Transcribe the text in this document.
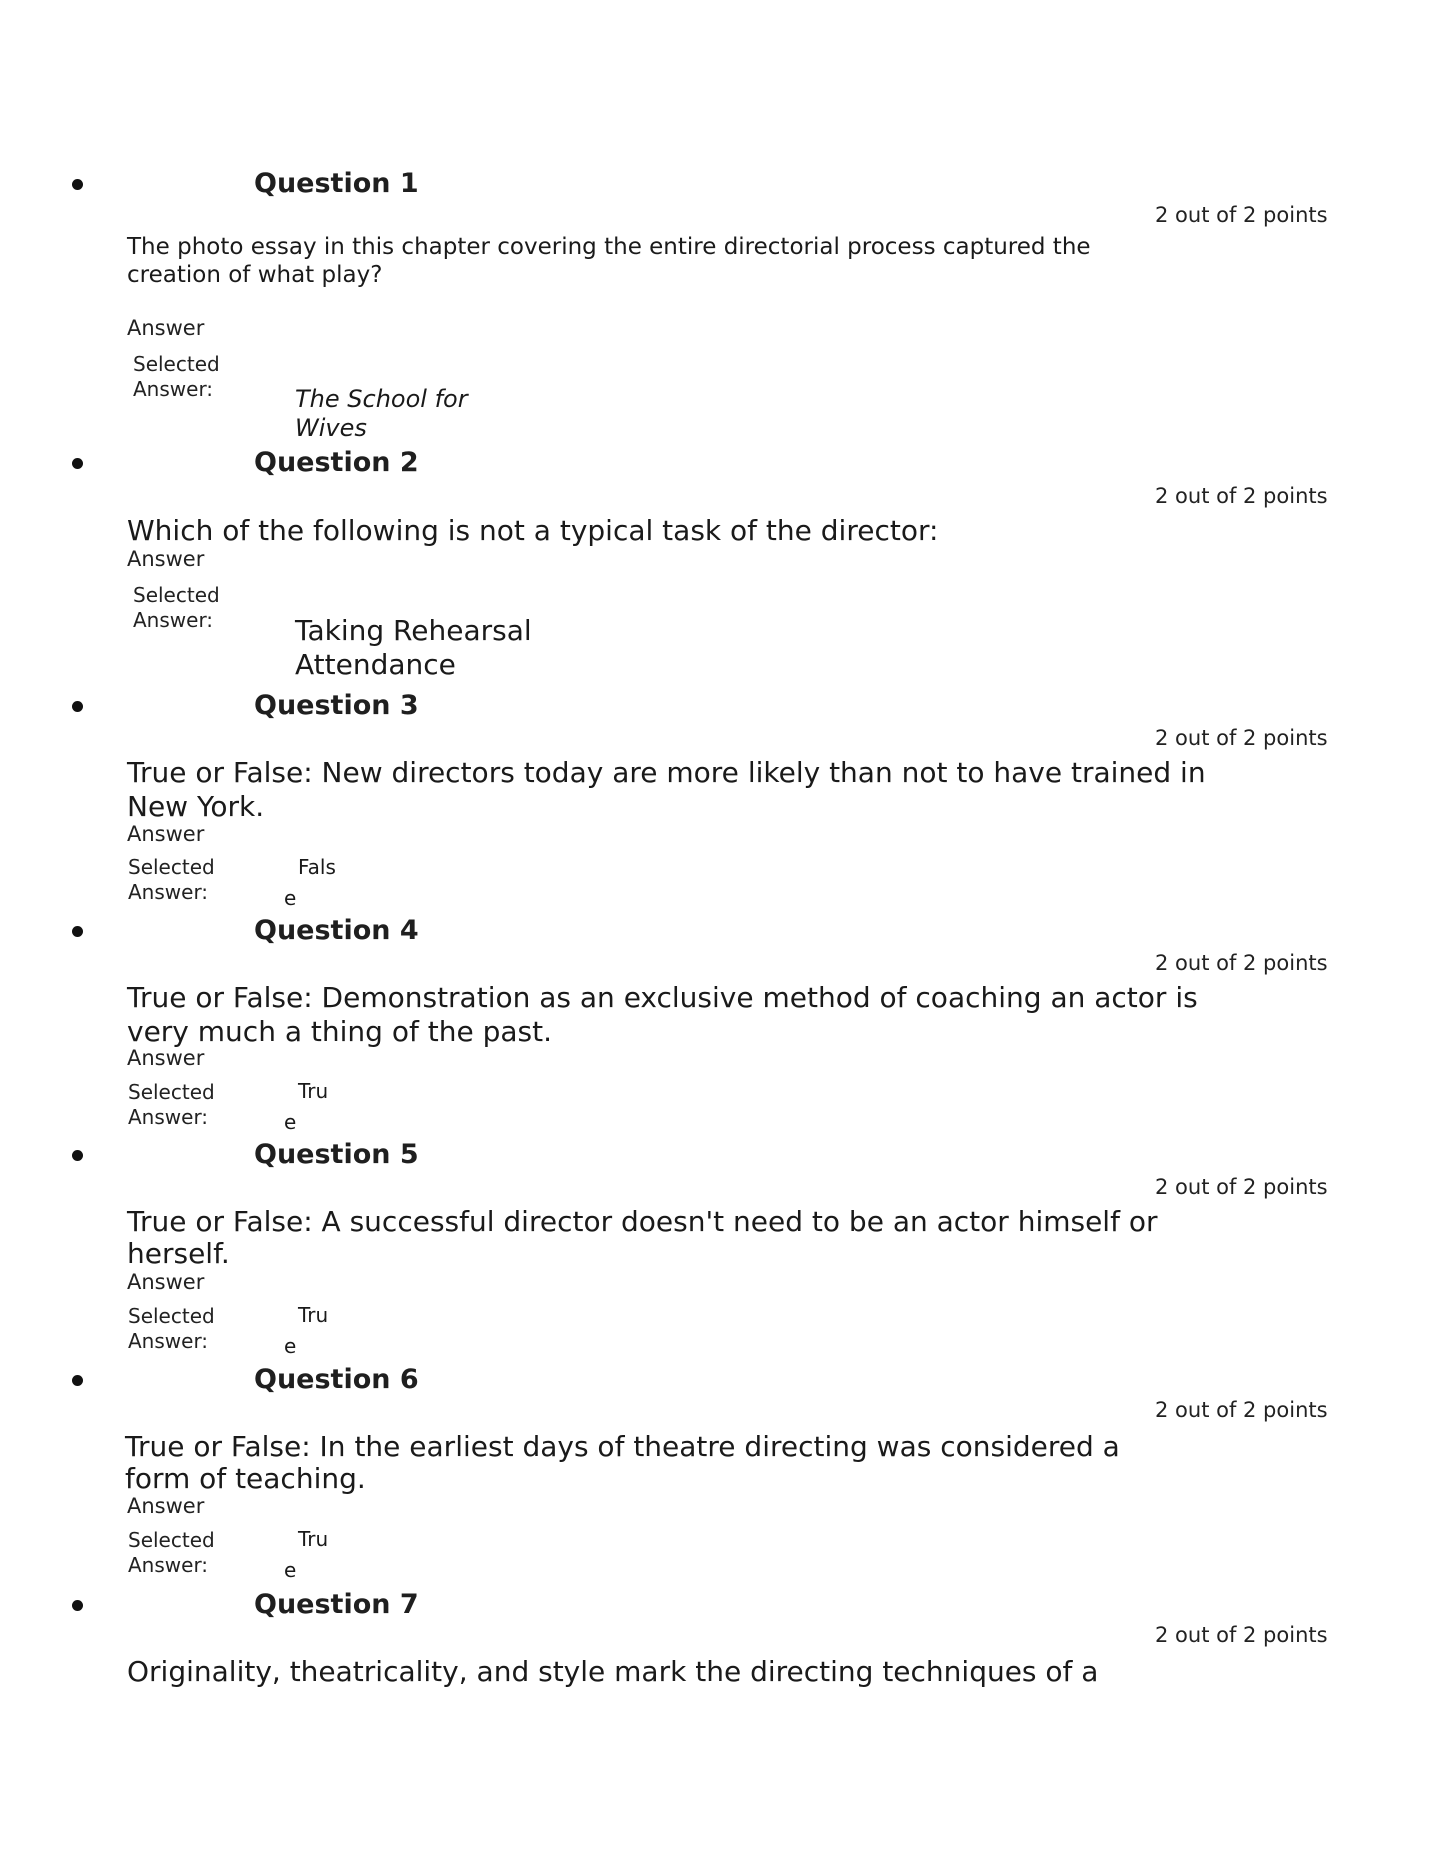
Question 1
2 out of 2 points
The photo essay in this chapter covering the entire directorial process captured the creation of what play?
Answer
Selected Answer:	The School for Wives
Question 2
2 out of 2 points
Which of the following is not a typical task of the director:
Answer
Selected Answer:	Taking Rehearsal Attendance
Question 3
2 out of 2 points
True or False: New directors today are more likely than not to have trained in New York.
Answer
Selected Answer:
Fals
e
Question 4
2 out of 2 points
True or False: Demonstration as an exclusive method of coaching an actor is very much a thing of the past.
Answer
Selected Answer:
Tru
e
Question 5
2 out of 2 points
True or False: A successful director doesn't need to be an actor himself or herself.
Answer
Selected Answer:
Tru
e
Question 6
2 out of 2 points
True or False: In the earliest days of theatre directing was considered a form of teaching.
Answer
Selected Answer:
Tru
e
Question 7
2 out of 2 points
Originality, theatricality, and style mark the directing techniques of a
